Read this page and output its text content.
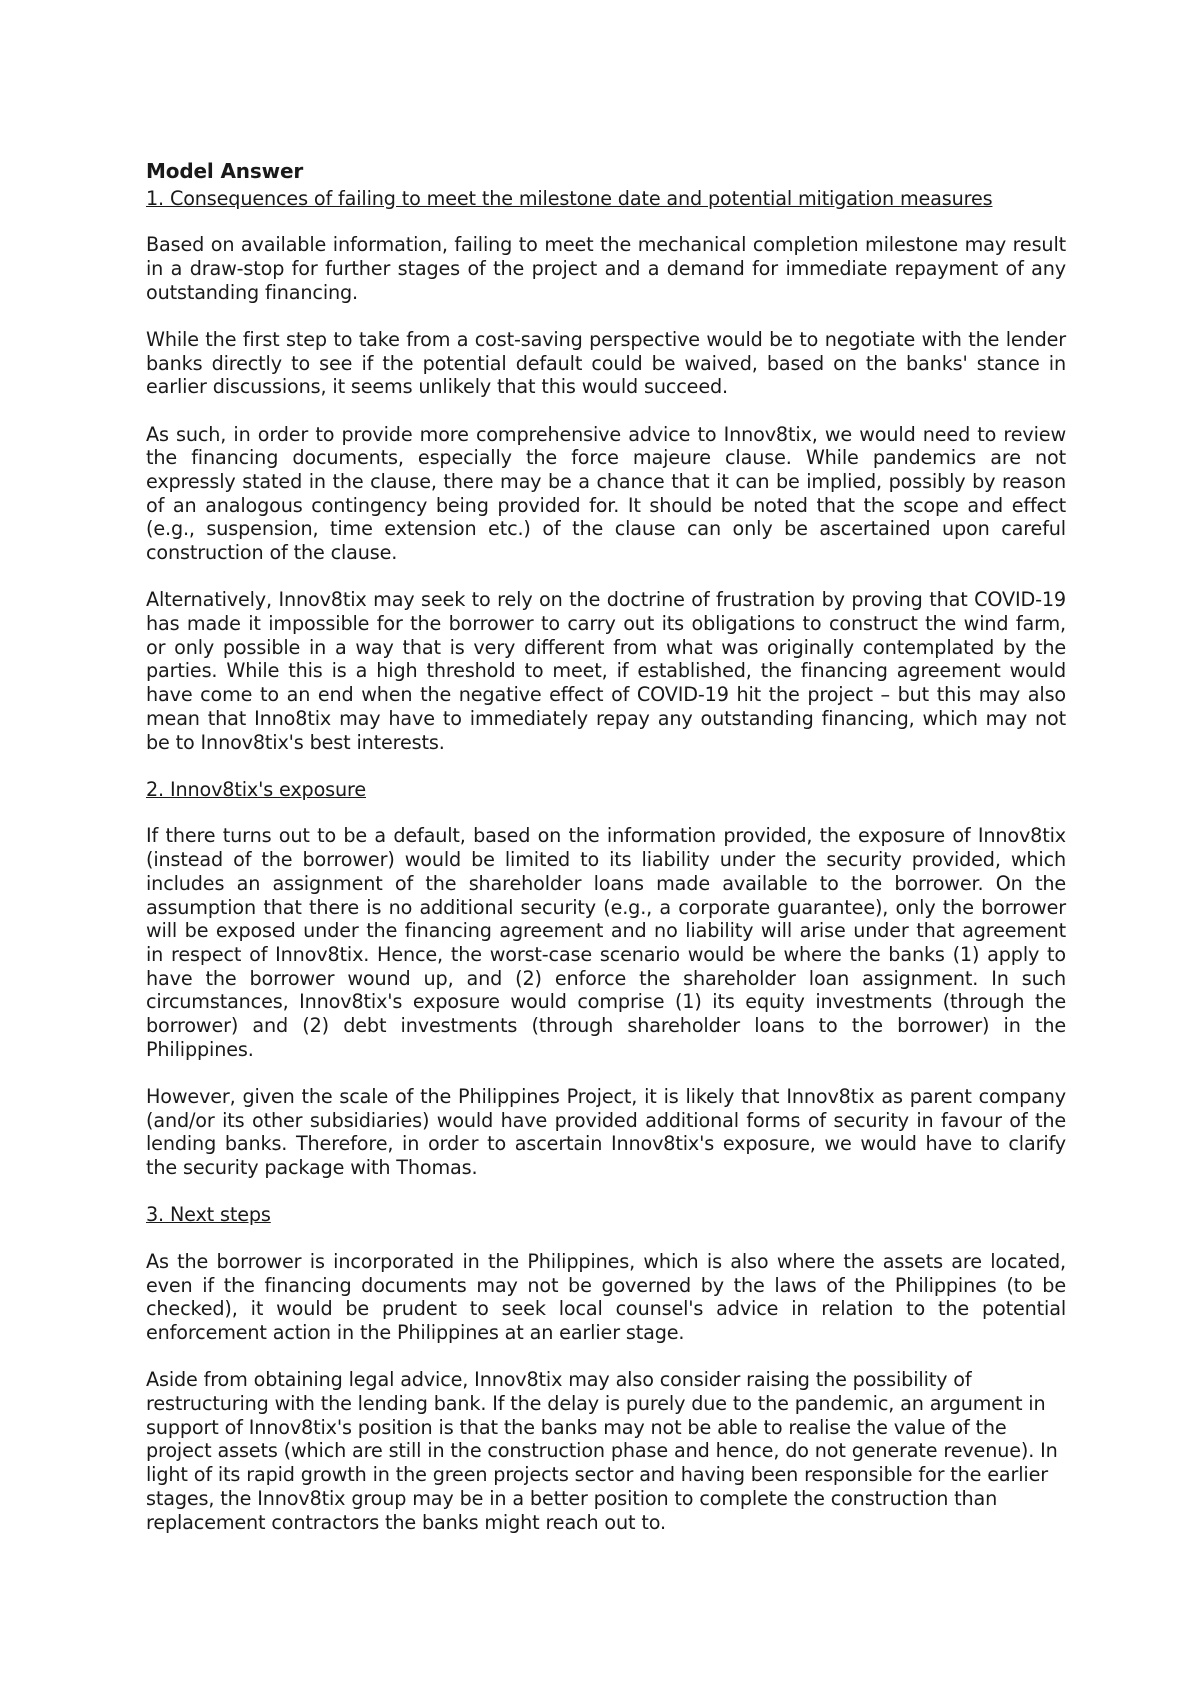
Model Answer
1. Consequences of failing to meet the milestone date and potential mitigation measures

Based on available information, failing to meet the mechanical completion milestone may result in a draw-stop for further stages of the project and a demand for immediate repayment of any outstanding financing.

While the first step to take from a cost-saving perspective would be to negotiate with the lender banks directly to see if the potential default could be waived, based on the banks' stance in earlier discussions, it seems unlikely that this would succeed.

As such, in order to provide more comprehensive advice to Innov8tix, we would need to review the financing documents, especially the force majeure clause. While pandemics are not expressly stated in the clause, there may be a chance that it can be implied, possibly by reason of an analogous contingency being provided for. It should be noted that the scope and effect (e.g., suspension, time extension etc.) of the clause can only be ascertained upon careful construction of the clause.

Alternatively, Innov8tix may seek to rely on the doctrine of frustration by proving that COVID-19 has made it impossible for the borrower to carry out its obligations to construct the wind farm, or only possible in a way that is very different from what was originally contemplated by the parties. While this is a high threshold to meet, if established, the financing agreement would have come to an end when the negative effect of COVID-19 hit the project – but this may also mean that Inno8tix may have to immediately repay any outstanding financing, which may not be to Innov8tix's best interests.

2. Innov8tix's exposure

If there turns out to be a default, based on the information provided, the exposure of Innov8tix (instead of the borrower) would be limited to its liability under the security provided, which includes an assignment of the shareholder loans made available to the borrower. On the assumption that there is no additional security (e.g., a corporate guarantee), only the borrower will be exposed under the financing agreement and no liability will arise under that agreement in respect of Innov8tix. Hence, the worst-case scenario would be where the banks (1) apply to have the borrower wound up, and (2) enforce the shareholder loan assignment. In such circumstances, Innov8tix's exposure would comprise (1) its equity investments (through the borrower) and (2) debt investments (through shareholder loans to the borrower) in the Philippines.

However, given the scale of the Philippines Project, it is likely that Innov8tix as parent company (and/or its other subsidiaries) would have provided additional forms of security in favour of the lending banks. Therefore, in order to ascertain Innov8tix's exposure, we would have to clarify the security package with Thomas.

3. Next steps

As the borrower is incorporated in the Philippines, which is also where the assets are located, even if the financing documents may not be governed by the laws of the Philippines (to be checked), it would be prudent to seek local counsel's advice in relation to the potential enforcement action in the Philippines at an earlier stage.

Aside from obtaining legal advice, Innov8tix may also consider raising the possibility of restructuring with the lending bank. If the delay is purely due to the pandemic, an argument in support of Innov8tix's position is that the banks may not be able to realise the value of the project assets (which are still in the construction phase and hence, do not generate revenue). In light of its rapid growth in the green projects sector and having been responsible for the earlier stages, the Innov8tix group may be in a better position to complete the construction than replacement contractors the banks might reach out to.
